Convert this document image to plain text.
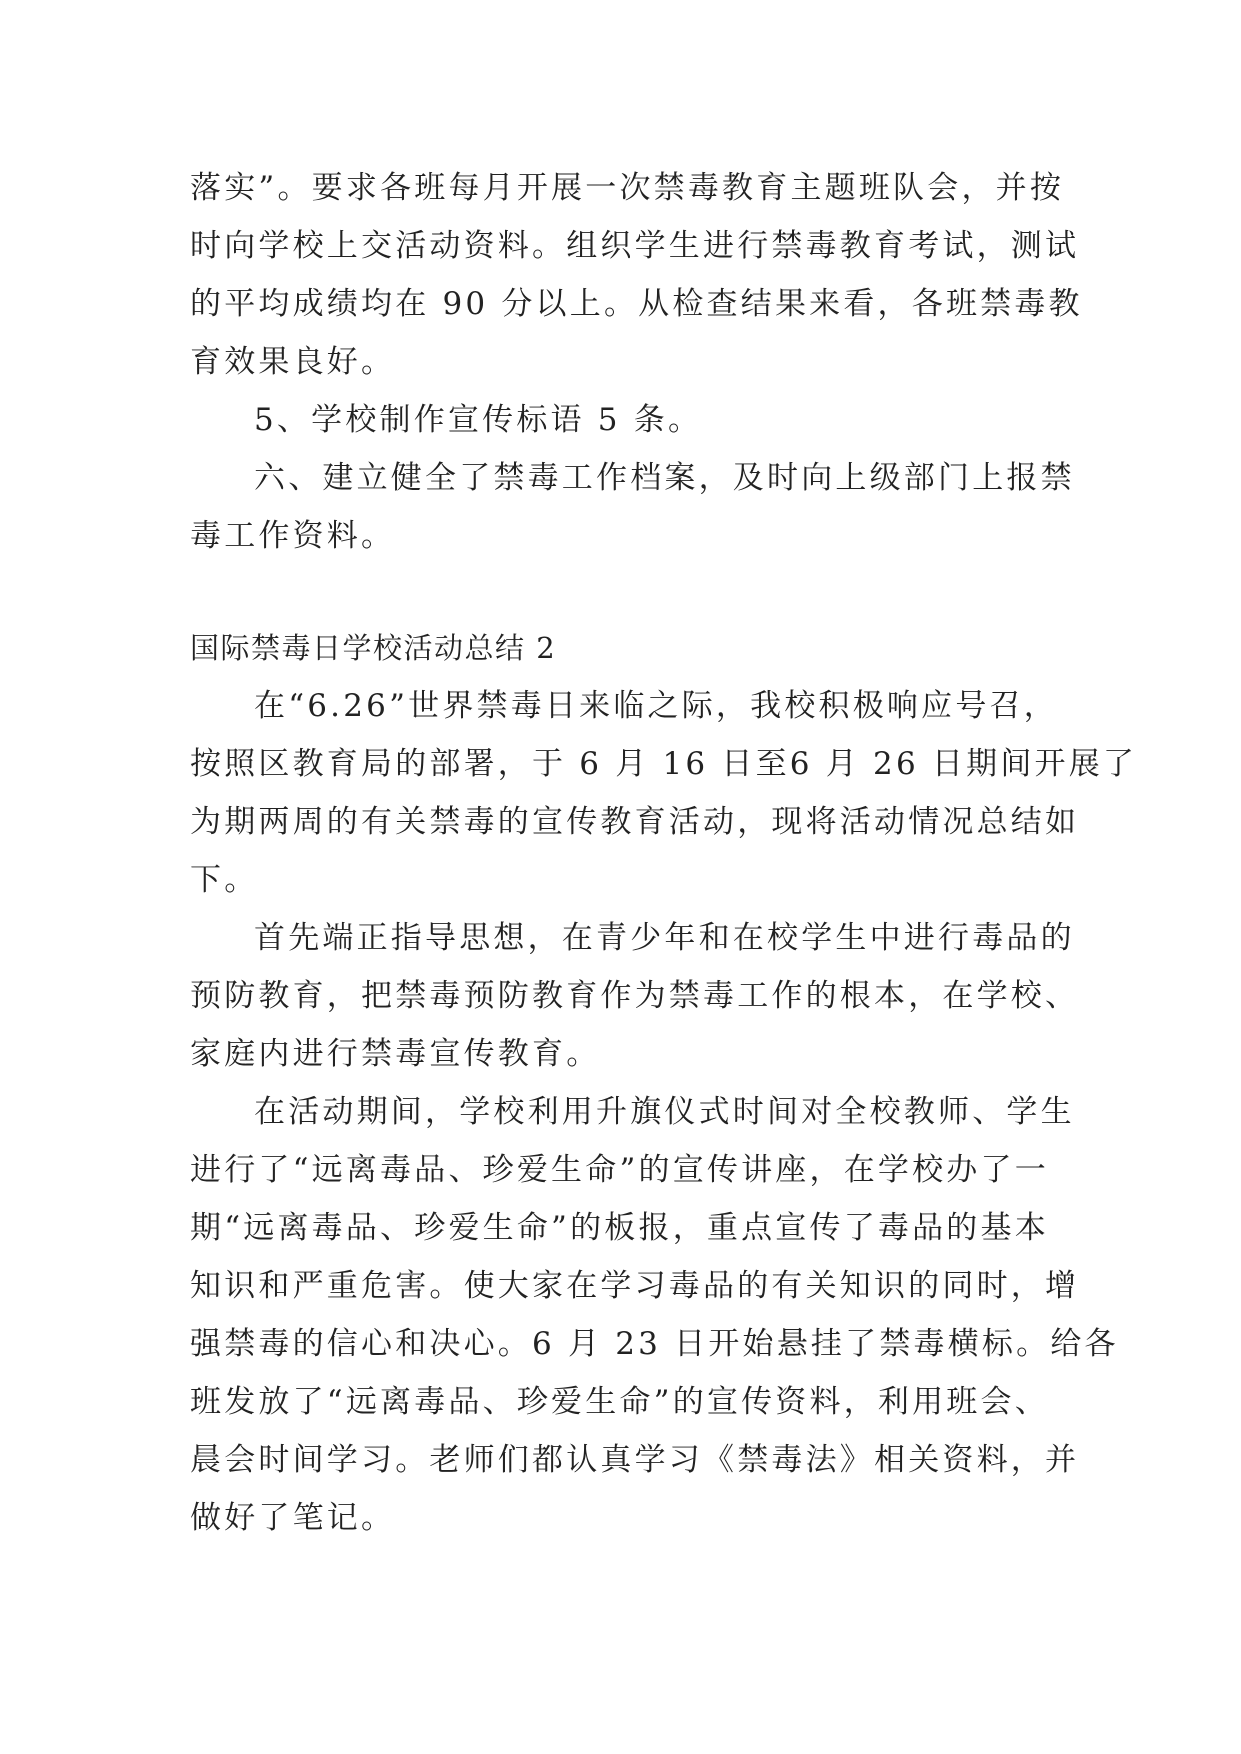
落实”。要求各班每月开展一次禁毒教育主题班队会，并按
时向学校上交活动资料。组织学生进行禁毒教育考试，测试
的平均成绩均在 90 分以上。从检查结果来看，各班禁毒教
育效果良好。
5、学校制作宣传标语 5 条。
六、建立健全了禁毒工作档案，及时向上级部门上报禁
毒工作资料。
国际禁毒日学校活动总结 2
在“6.26”世界禁毒日来临之际，我校积极响应号召，
按照区教育局的部署，于 6 月 16 日至6 月 26 日期间开展了
为期两周的有关禁毒的宣传教育活动，现将活动情况总结如
下。
首先端正指导思想，在青少年和在校学生中进行毒品的
预防教育，把禁毒预防教育作为禁毒工作的根本，在学校、
家庭内进行禁毒宣传教育。
在活动期间，学校利用升旗仪式时间对全校教师、学生
进行了“远离毒品、珍爱生命”的宣传讲座，在学校办了一
期“远离毒品、珍爱生命”的板报，重点宣传了毒品的基本
知识和严重危害。使大家在学习毒品的有关知识的同时，增
强禁毒的信心和决心。6 月 23 日开始悬挂了禁毒横标。给各
班发放了“远离毒品、珍爱生命”的宣传资料，利用班会、
晨会时间学习。老师们都认真学习《禁毒法》相关资料，并
做好了笔记。
